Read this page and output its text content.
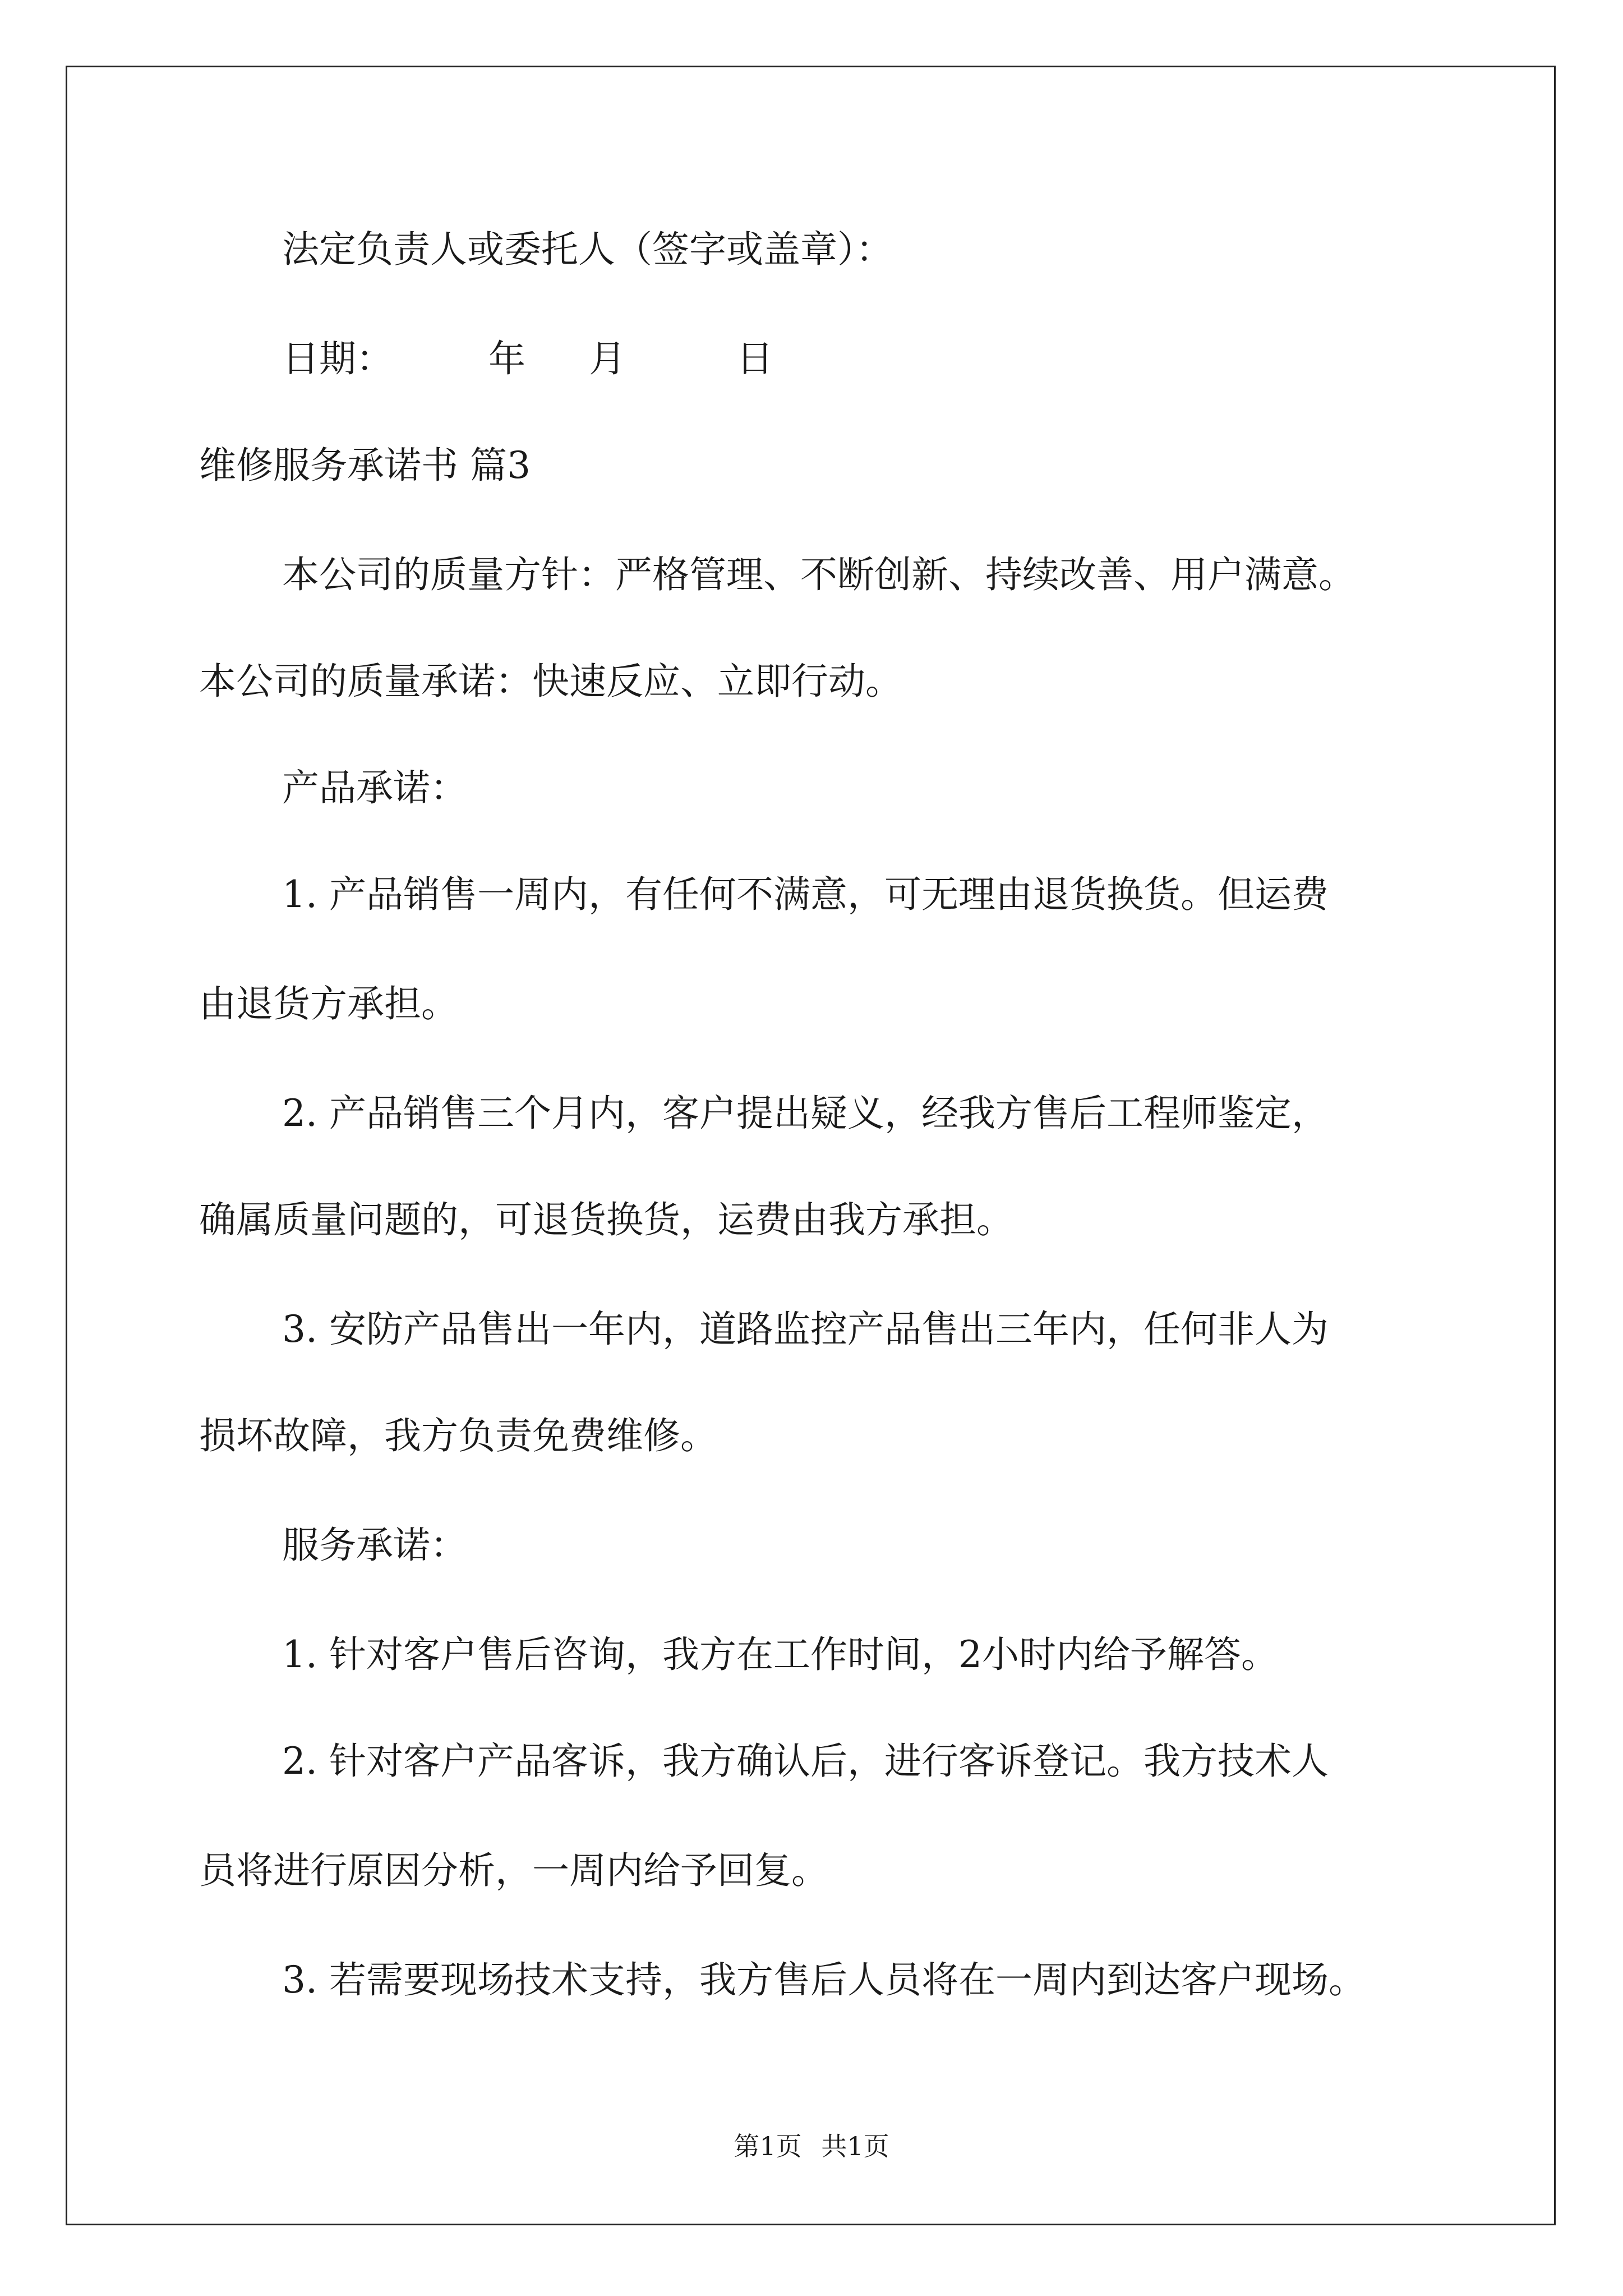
法定负责人或委托人（签字或盖章）：
日期：	年 月	日
维修服务承诺书 篇3
本公司的质量方针：严格管理、不断创新、持续改善、用户满意。
本公司的质量承诺：快速反应、立即行动。
产品承诺：
1. 产品销售一周内，有任何不满意，可无理由退货换货。但运费
由退货方承担。
2. 产品销售三个月内，客户提出疑义，经我方售后工程师鉴定，
确属质量问题的，可退货换货，运费由我方承担。
3. 安防产品售出一年内，道路监控产品售出三年内，任何非人为
损坏故障，我方负责免费维修。
服务承诺：
1. 针对客户售后咨询，我方在工作时间，2小时内给予解答。
2. 针对客户产品客诉，我方确认后，进行客诉登记。我方技术人
员将进行原因分析，一周内给予回复。
3. 若需要现场技术支持，我方售后人员将在一周内到达客户现场。
第1页 共1页
